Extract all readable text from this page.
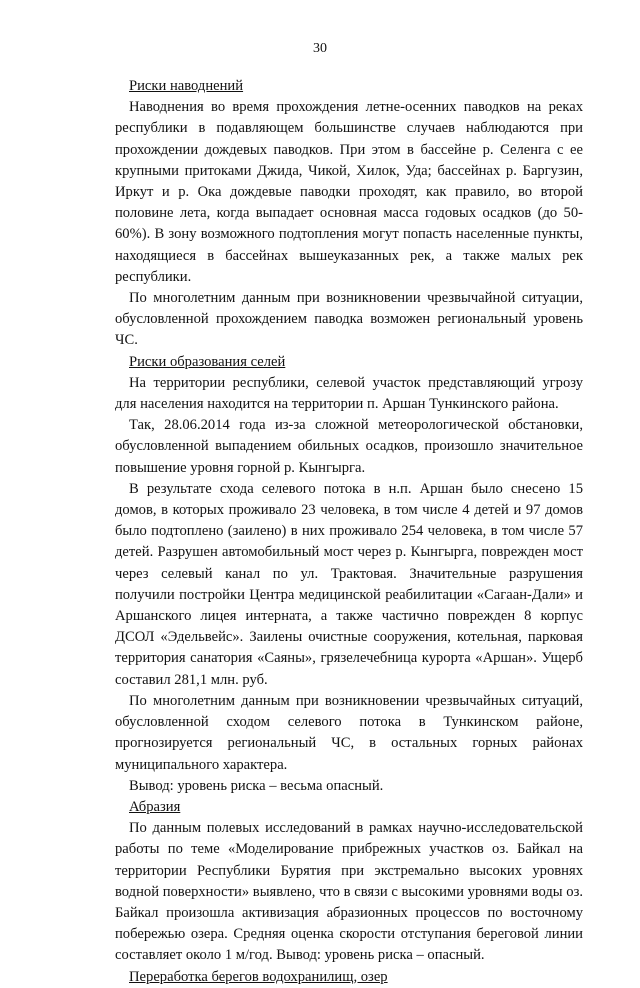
30

Риски наводнений

Наводнения во время прохождения летне-осенних паводков на реках республики в подавляющем большинстве случаев наблюдаются при прохождении дождевых паводков. При этом в бассейне р. Селенга с ее крупными притоками Джида, Чикой, Хилок, Уда; бассейнах р. Баргузин, Иркут и р. Ока дождевые паводки проходят, как правило, во второй половине лета, когда выпадает основная масса годовых осадков (до 50-60%). В зону возможного подтопления могут попасть населенные пункты, находящиеся в бассейнах вышеуказанных рек, а также малых рек республики.

По многолетним данным при возникновении чрезвычайной ситуации, обусловленной прохождением паводка возможен региональный уровень ЧС.

Риски образования селей

На территории республики, селевой участок представляющий угрозу для населения находится на территории п. Аршан Тункинского района.

Так, 28.06.2014 года из-за сложной метеорологической обстановки, обусловленной выпадением обильных осадков, произошло значительное повышение уровня горной р. Кынгырга.

В результате схода селевого потока в н.п. Аршан было снесено 15 домов, в которых проживало 23 человека, в том числе 4 детей и 97 домов было подтоплено (заилено) в них проживало 254 человека, в том числе 57 детей. Разрушен автомобильный мост через р. Кынгырга, поврежден мост через селевый канал по ул. Трактовая. Значительные разрушения получили постройки Центра медицинской реабилитации «Сагаан-Дали» и Аршанского лицея интерната, а также частично поврежден 8 корпус ДСОЛ «Эдельвейс». Заилены очистные сооружения, котельная, парковая территория санатория «Саяны», грязелечебница курорта «Аршан». Ущерб составил 281,1 млн. руб.

По многолетним данным при возникновении чрезвычайных ситуаций, обусловленной сходом селевого потока в Тункинском районе, прогнозируется региональный ЧС, в остальных горных районах муниципального характера.

Вывод: уровень риска – весьма опасный.

Абразия

По данным полевых исследований в рамках научно-исследовательской работы по теме «Моделирование прибрежных участков оз. Байкал на территории Республики Бурятия при экстремально высоких уровнях водной поверхности» выявлено, что в связи с высокими уровнями воды оз. Байкал произошла активизация абразионных процессов по восточному побережью озера. Средняя оценка скорости отступания береговой линии составляет около 1 м/год. Вывод: уровень риска – опасный.

Переработка берегов водохранилищ, озер
